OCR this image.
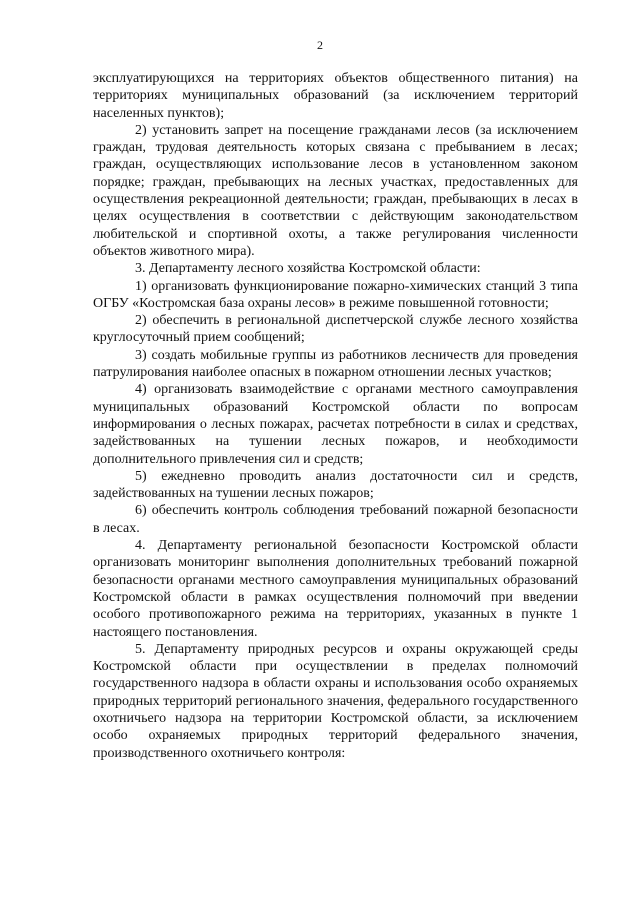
2

эксплуатирующихся на территориях объектов общественного питания) на территориях муниципальных образований (за исключением территорий населенных пунктов);

2) установить запрет на посещение гражданами лесов (за исключением граждан, трудовая деятельность которых связана с пребыванием в лесах; граждан, осуществляющих использование лесов в установленном законом порядке; граждан, пребывающих на лесных участках, предоставленных для осуществления рекреационной деятельности; граждан, пребывающих в лесах в целях осуществления в соответствии с действующим законодательством любительской и спортивной охоты, а также регулирования численности объектов животного мира).

3. Департаменту лесного хозяйства Костромской области:

1) организовать функционирование пожарно-химических станций 3 типа ОГБУ «Костромская база охраны лесов» в режиме повышенной готовности;

2) обеспечить в региональной диспетчерской службе лесного хозяйства круглосуточный прием сообщений;

3) создать мобильные группы из работников лесничеств для проведения патрулирования наиболее опасных в пожарном отношении лесных участков;

4) организовать взаимодействие с органами местного самоуправления муниципальных образований Костромской области по вопросам информирования о лесных пожарах, расчетах потребности в силах и средствах, задействованных на тушении лесных пожаров, и необходимости дополнительного привлечения сил и средств;

5) ежедневно проводить анализ достаточности сил и средств, задействованных на тушении лесных пожаров;

6) обеспечить контроль соблюдения требований пожарной безопасности в лесах.

4. Департаменту региональной безопасности Костромской области организовать мониторинг выполнения дополнительных требований пожарной безопасности органами местного самоуправления муниципальных образований Костромской области в рамках осуществления полномочий при введении особого противопожарного режима на территориях, указанных в пункте 1 настоящего постановления.

5. Департаменту природных ресурсов и охраны окружающей среды Костромской области при осуществлении в пределах полномочий государственного надзора в области охраны и использования особо охраняемых природных территорий регионального значения, федерального государственного охотничьего надзора на территории Костромской области, за исключением особо охраняемых природных территорий федерального значения, производственного охотничьего контроля:
